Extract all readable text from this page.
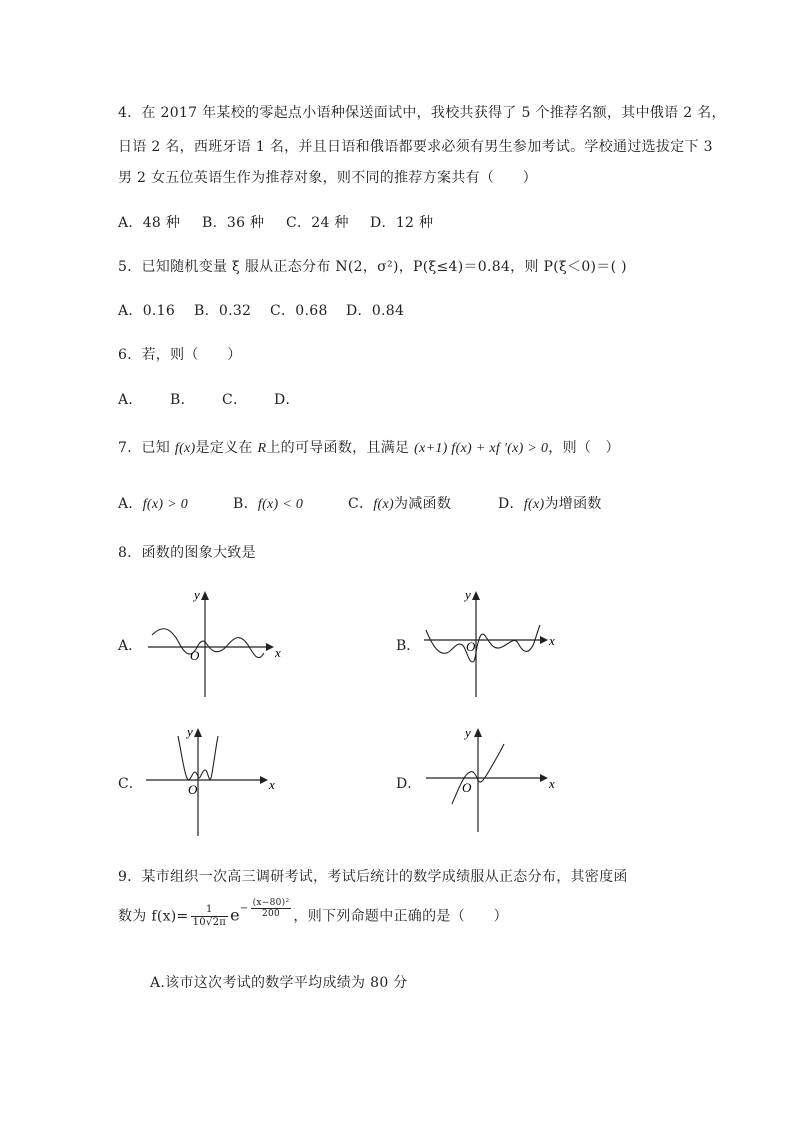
4．在 2017 年某校的零起点小语种保送面试中，我校共获得了 5 个推荐名额，其中俄语 2 名，
日语 2 名，西班牙语 1 名，并且日语和俄语都要求必须有男生参加考试。学校通过选拔定下 3
男 2 女五位英语生作为推荐对象，则不同的推荐方案共有（　　）
A．48 种 B．36 种 C．24 种 D．12 种
5．已知随机变量 ξ 服从正态分布 N(2，σ²)，P(ξ≤4)＝0.84，则 P(ξ＜0)＝( )
A．0.16 B．0.32 C．0.68 D．0.84
6．若，则（　　）
A． B． C． D．
7．已知 f(x)是定义在 R上的可导函数，且满足 (x+1) f(x) + xf '(x) > 0，则（　）
A．f(x) > 0	B．f(x) < 0	C．f(x)为减函数	D．f(x)为增函数
8．函数的图象大致是
A．	x
y
O
B．	x
y
O
C．	x
y
O	D．	x
y
O
9．某市组织一次高三调研考试，考试后统计的数学成绩服从正态分布，其密度函
数为 $f(x)= \frac{1}{10√2\pi} e- \frac{\text{(x−80)²}}{200}$ ，则下列命题中正确的是（　　）
A.该市这次考试的数学平均成绩为 80 分
